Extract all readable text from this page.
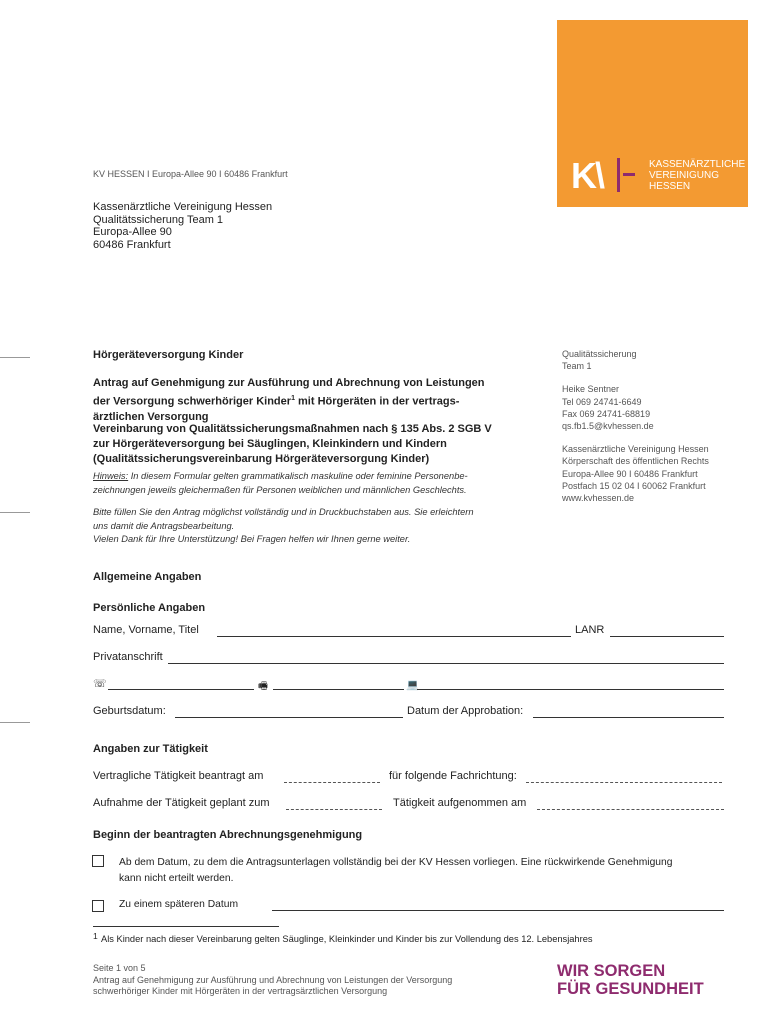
K\	KASSENÄRZTLICHE
VEREINIGUNG
HESSEN
KV HESSEN I Europa-Allee 90 I 60486 Frankfurt
Kassenärztliche Vereinigung Hessen
Qualitätssicherung Team 1
Europa-Allee 90
60486 Frankfurt
Qualitätssicherung
Team 1
Heike Sentner
Tel 069 24741-6649
Fax 069 24741-68819
qs.fb1.5@kvhessen.de
Kassenärztliche Vereinigung Hessen
Körperschaft des öffentlichen Rechts
Europa-Allee 90 I 60486 Frankfurt
Postfach 15 02 04 I 60062 Frankfurt
www.kvhessen.de
Hörgeräteversorgung Kinder
Antrag auf Genehmigung zur Ausführung und Abrechnung von Leistungen
der Versorgung schwerhöriger Kinder$^1$ mit Hörgeräten in der vertrags-
ärztlichen Versorgung
Vereinbarung von Qualitätssicherungsmaßnahmen nach § 135 Abs. 2 SGB V
zur Hörgeräteversorgung bei Säuglingen, Kleinkindern und Kindern
(Qualitätssicherungsvereinbarung Hörgeräteversorgung Kinder)
Hinweis: In diesem Formular gelten grammatikalisch maskuline oder feminine Personenbe-
zeichnungen jeweils gleichermaßen für Personen weiblichen und männlichen Geschlechts.
Bitte füllen Sie den Antrag möglichst vollständig und in Druckbuchstaben aus. Sie erleichtern
uns damit die Antragsbearbeitung.
Vielen Dank für Ihre Unterstützung! Bei Fragen helfen wir Ihnen gerne weiter.
Allgemeine Angaben
Persönliche Angaben
Name, Vorname, Titel	LANR
Privatanschrift
☏	🖷	💻
Geburtsdatum:	Datum der Approbation:
Angaben zur Tätigkeit
Vertragliche Tätigkeit beantragt am	für folgende Fachrichtung:
Aufnahme der Tätigkeit geplant zum	Tätigkeit aufgenommen am
Beginn der beantragten Abrechnungsgenehmigung
Ab dem Datum, zu dem die Antragsunterlagen vollständig bei der KV Hessen vorliegen. Eine rückwirkende Genehmigung
kann nicht erteilt werden.
Zu einem späteren Datum
1 Als Kinder nach dieser Vereinbarung gelten Säuglinge, Kleinkinder und Kinder bis zur Vollendung des 12. Lebensjahres
Seite 1 von 5
Antrag auf Genehmigung zur Ausführung und Abrechnung von Leistungen der Versorgung
schwerhöriger Kinder mit Hörgeräten in der vertragsärztlichen Versorgung
WIR SORGEN
FÜR GESUNDHEIT
